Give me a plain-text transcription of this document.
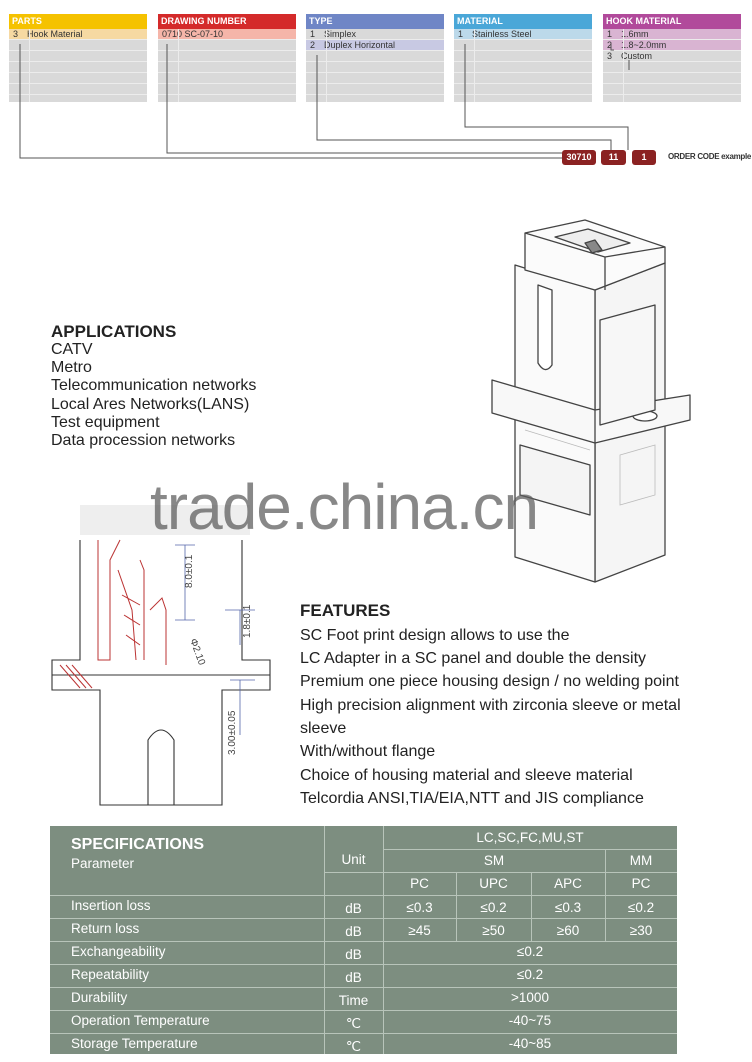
PARTS
3 Hook Material
DRAWING NUMBER
0710 SC-07-10
TYPE
1 Simplex
2 Duplex Horizontal
MATERIAL
1 Stainless Steel
HOOK MATERIAL
1 1.6mm
2 1.8~2.0mm
3 Custom
30710	11	1	ORDER CODE example
APPLICATIONS
CATV
Metro
Telecommunication networks
Local Ares Networks(LANS)
Test equipment
Data procession networks
8.0±0.1
1.8±0.1
Φ2.10
3.00±0.05
trade.china.cn
FEATURES
SC Foot print design allows to use the
LC Adapter in a SC panel and double the density
Premium one piece housing design / no welding point
High precision alignment with zirconia sleeve or metal
sleeve
With/without flange
Choice of housing material and sleeve material
Telcordia ANSI,TIA/EIA,NTT and JIS compliance
SPECIFICATIONS
Parameter	Unit
LC,SC,FC,MU,ST
SM	MM
PC	UPC	APC	PC
Insertion loss	dB	≤0.3	≤0.2	≤0.3	≤0.2
Return loss	dB	≥45	≥50	≥60	≥30
Exchangeability	dB	≤0.2
Repeatability	dB	≤0.2
Durability	Time	>1000
Operation Temperature	℃	-40~75
Storage Temperature	℃	-40~85
